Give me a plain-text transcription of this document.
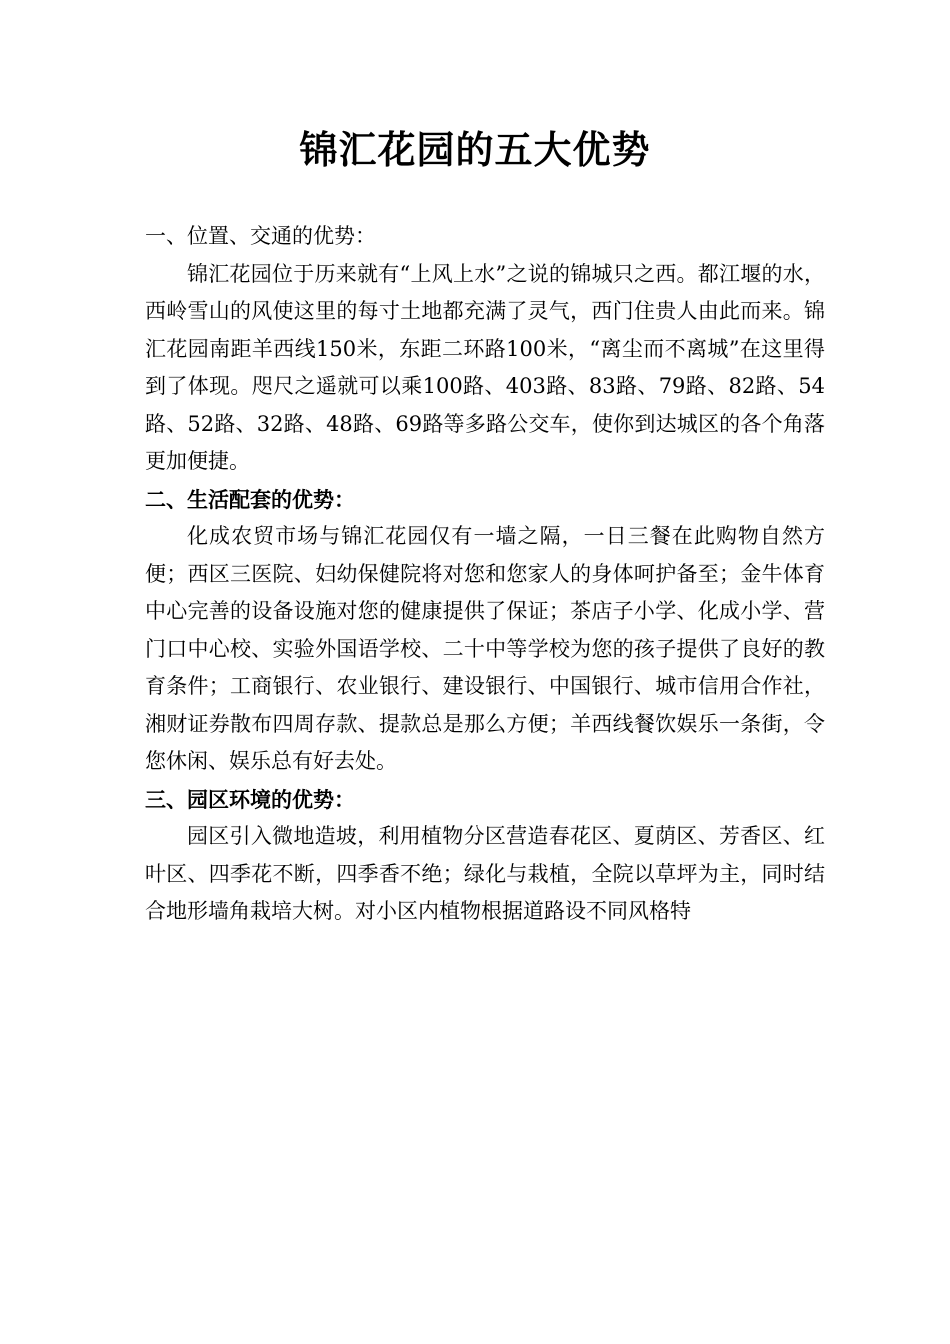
锦汇花园的五大优势

一、位置、交通的优势：

锦汇花园位于历来就有“上风上水”之说的锦城只之西。都江堰的水，西岭雪山的风使这里的每寸土地都充满了灵气，西门住贵人由此而来。锦汇花园南距羊西线150米，东距二环路100米，“离尘而不离城”在这里得到了体现。咫尺之遥就可以乘100路、403路、83路、79路、82路、54路、52路、32路、48路、69路等多路公交车，使你到达城区的各个角落更加便捷。

二、生活配套的优势：

化成农贸市场与锦汇花园仅有一墙之隔，一日三餐在此购物自然方便；西区三医院、妇幼保健院将对您和您家人的身体呵护备至；金牛体育中心完善的设备设施对您的健康提供了保证；茶店子小学、化成小学、营门口中心校、实验外国语学校、二十中等学校为您的孩子提供了良好的教育条件；工商银行、农业银行、建设银行、中国银行、城市信用合作社，湘财证券散布四周存款、提款总是那么方便；羊西线餐饮娱乐一条街，令您休闲、娱乐总有好去处。

三、园区环境的优势：

园区引入微地造坡，利用植物分区营造春花区、夏荫区、芳香区、红叶区、四季花不断，四季香不绝；绿化与栽植，全院以草坪为主，同时结合地形墙角栽培大树。对小区内植物根据道路设不同风格特
